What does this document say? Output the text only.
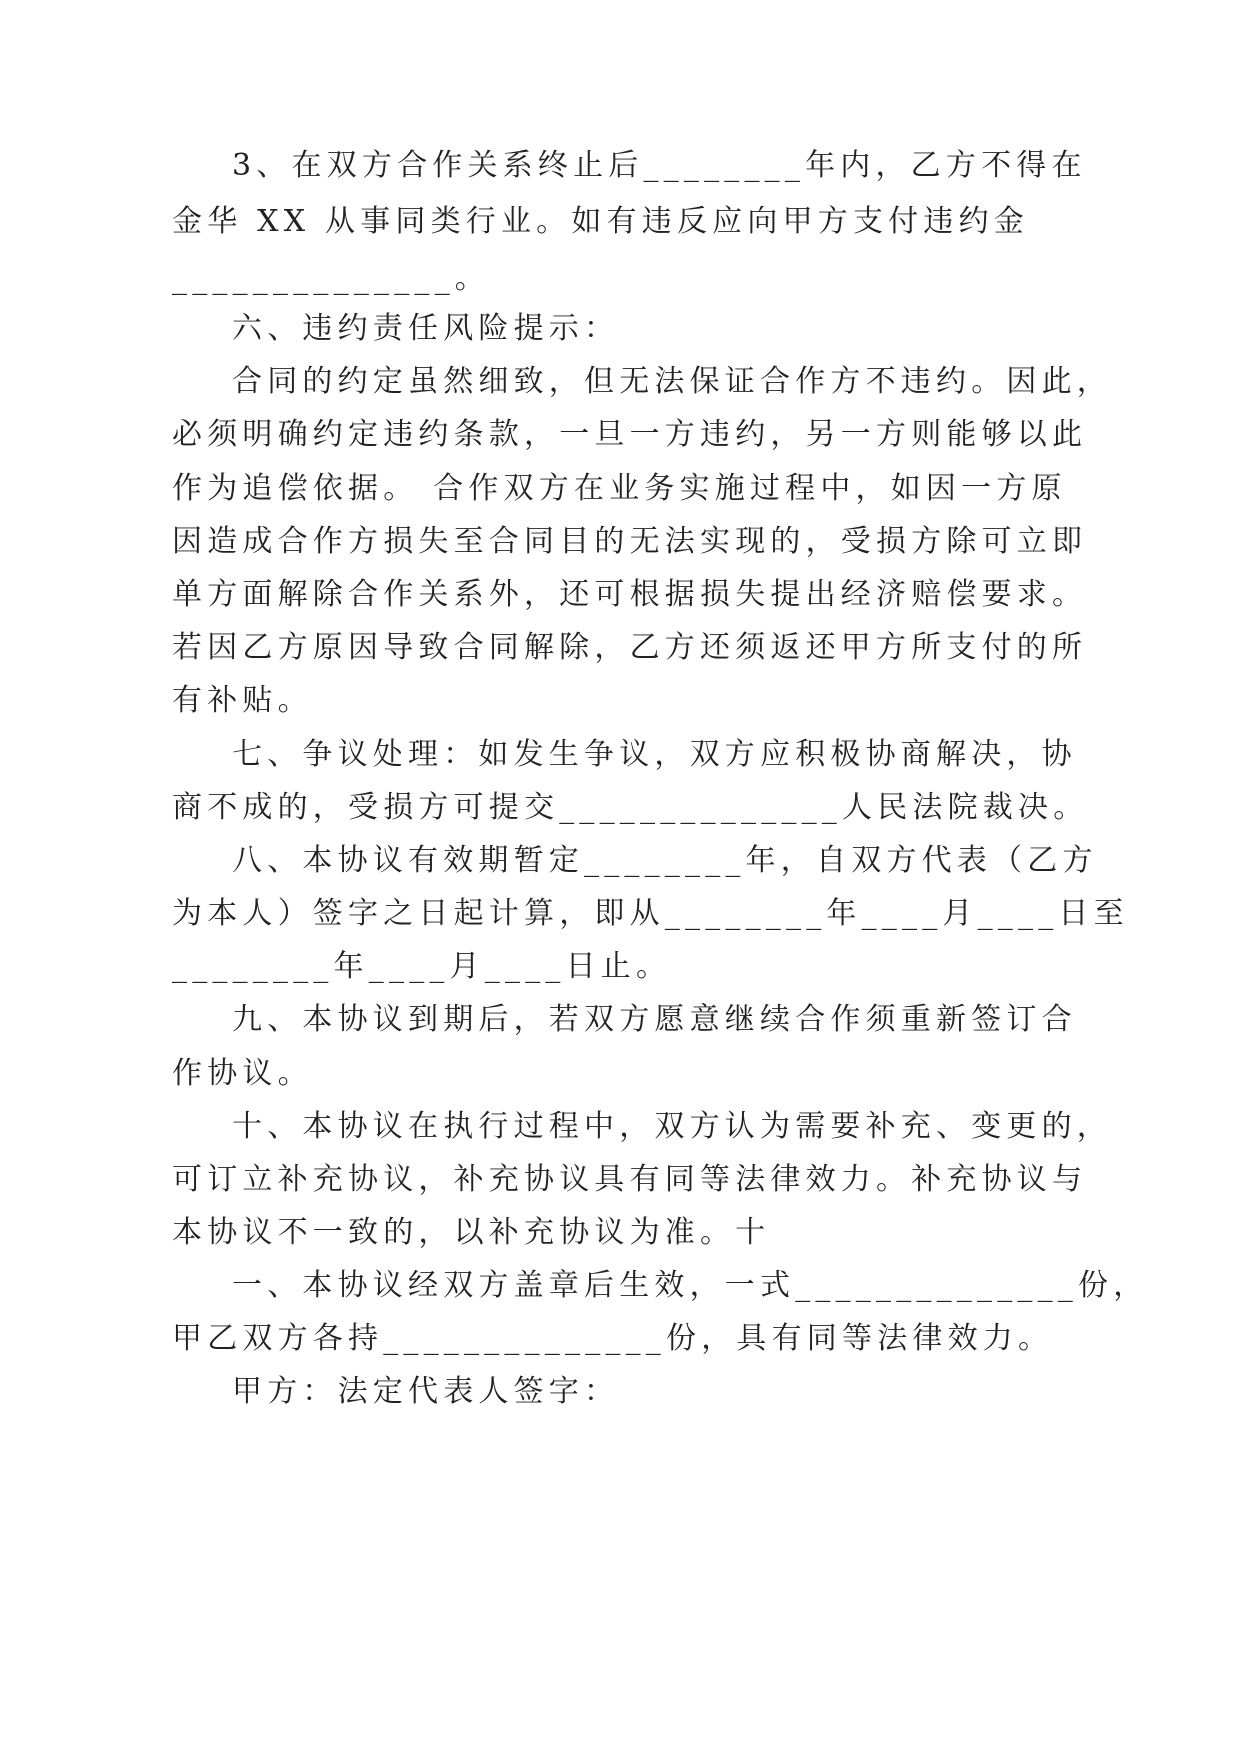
3、在双方合作关系终止后________年内，乙方不得在
金华 XX 从事同类行业。如有违反应向甲方支付违约金
______________。
六、违约责任风险提示：
合同的约定虽然细致，但无法保证合作方不违约。因此，
必须明确约定违约条款，一旦一方违约，另一方则能够以此
作为追偿依据。 合作双方在业务实施过程中，如因一方原
因造成合作方损失至合同目的无法实现的，受损方除可立即
单方面解除合作关系外，还可根据损失提出经济赔偿要求。
若因乙方原因导致合同解除，乙方还须返还甲方所支付的所
有补贴。
七、争议处理：如发生争议，双方应积极协商解决，协
商不成的，受损方可提交______________人民法院裁决。
八、本协议有效期暂定________年，自双方代表（乙方
为本人）签字之日起计算，即从________年____月____日至
________年____月____日止。
九、本协议到期后，若双方愿意继续合作须重新签订合
作协议。
十、本协议在执行过程中，双方认为需要补充、变更的，
可订立补充协议，补充协议具有同等法律效力。补充协议与
本协议不一致的，以补充协议为准。十
一、本协议经双方盖章后生效，一式______________份，
甲乙双方各持______________份，具有同等法律效力。
甲方：法定代表人签字：
